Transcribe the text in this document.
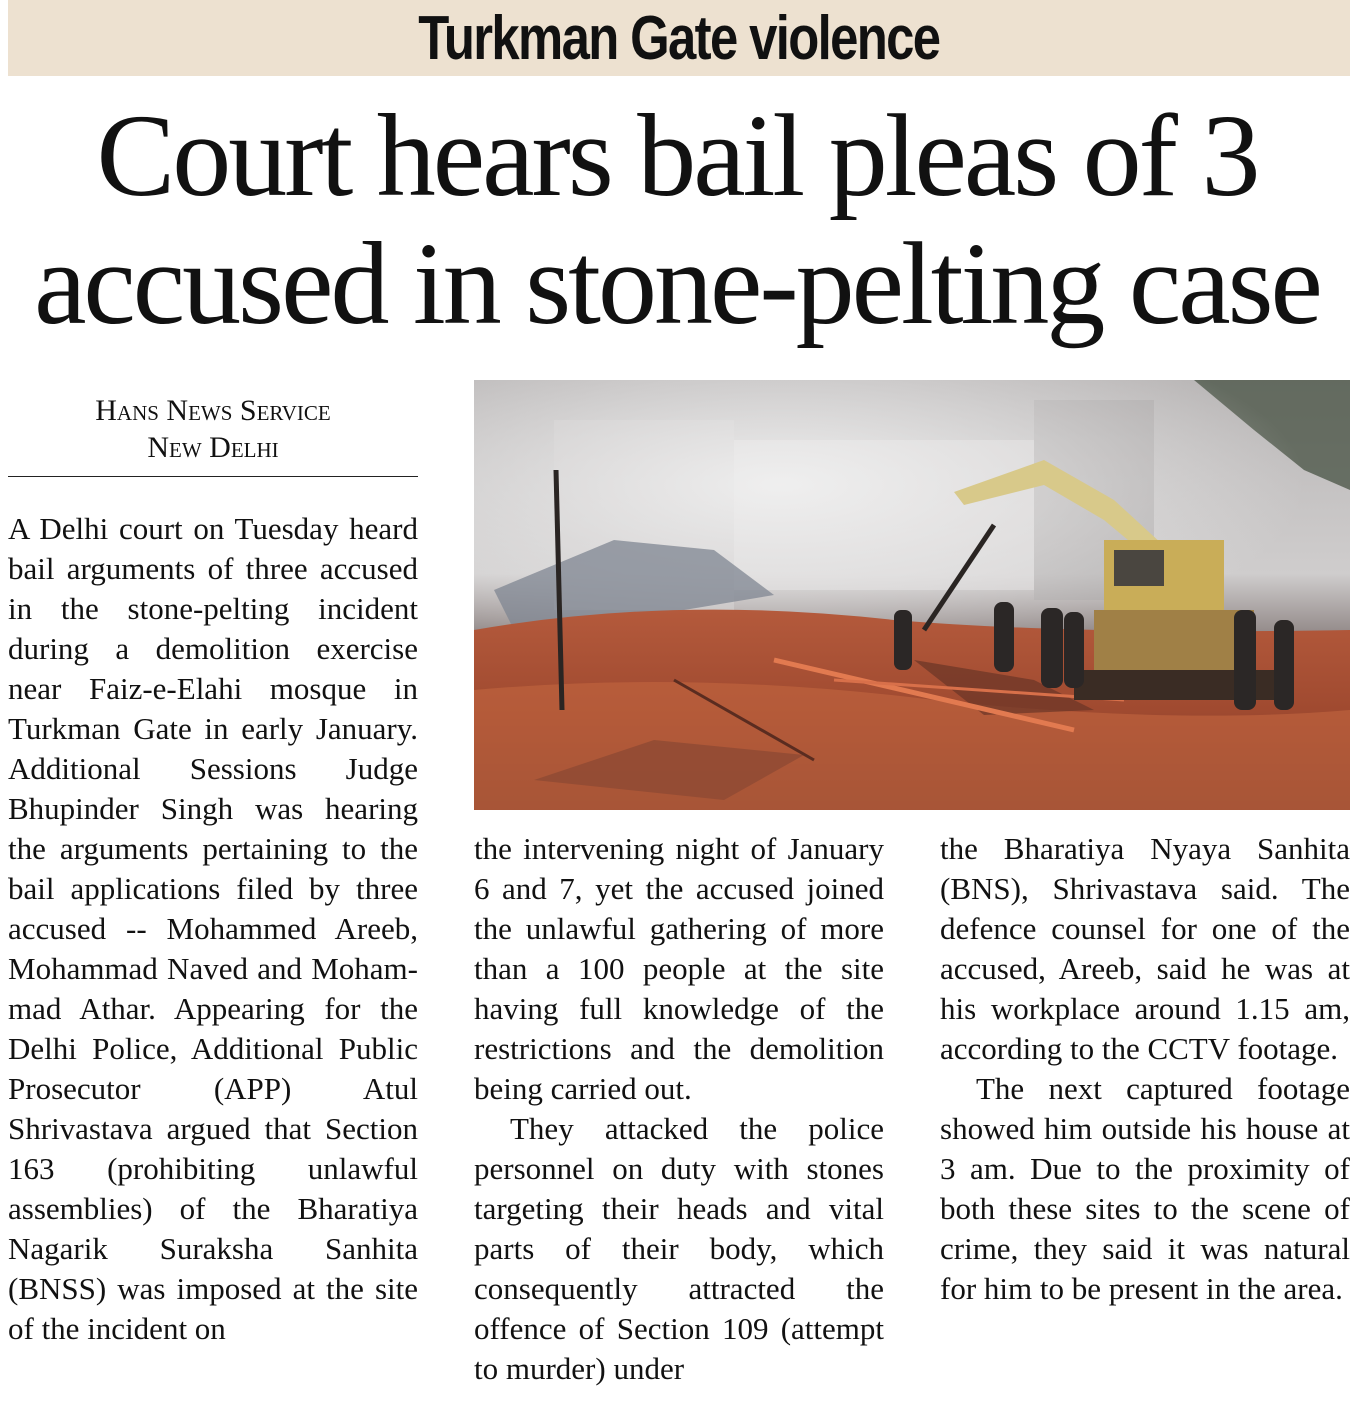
Turkman Gate violence
Court hears bail pleas of 3
accused in stone-pelting case
Hans News Service
New Delhi

A Delhi court on Tuesday heard bail arguments of three accused in the stone-pelting incident during a demolition exercise near Faiz-e-Elahi mosque in Turkman Gate in early January. Additional Sessions Judge Bhupinder Singh was hearing the arguments pertaining to the bail applications filed by three accused -- Mohammed Areeb, Mohammad Naved and Mohammad Athar. Appearing for the Delhi Police, Additional Public Prosecutor (APP) Atul Shrivastava argued that Section 163 (prohibiting unlawful assemblies) of the Bharatiya Nagarik Suraksha Sanhita (BNSS) was imposed at the site of the incident on

the intervening night of January 6 and 7, yet the accused joined the unlawful gathering of more than a 100 people at the site having full knowledge of the restrictions and the demolition being carried out.

They attacked the police personnel on duty with stones targeting their heads and vital parts of their body, which consequently attracted the offence of Section 109 (attempt to murder) under

the Bharatiya Nyaya Sanhita (BNS), Shrivastava said. The defence counsel for one of the accused, Areeb, said he was at his workplace around 1.15 am, according to the CCTV footage.

The next captured footage showed him outside his house at 3 am. Due to the proximity of both these sites to the scene of crime, they said it was natural for him to be present in the area.
